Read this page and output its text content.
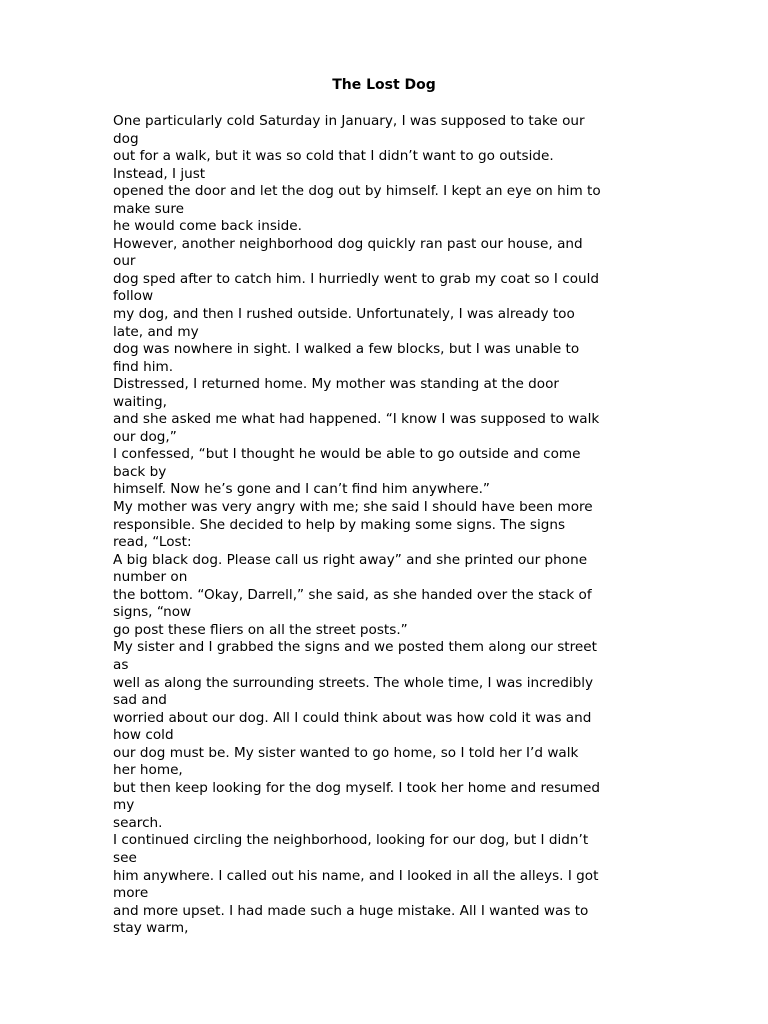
The Lost Dog
One particularly cold Saturday in January, I was supposed to take our
dog
out for a walk, but it was so cold that I didn’t want to go outside.
Instead, I just
opened the door and let the dog out by himself. I kept an eye on him to
make sure
he would come back inside.
However, another neighborhood dog quickly ran past our house, and
our
dog sped after to catch him. I hurriedly went to grab my coat so I could
follow
my dog, and then I rushed outside. Unfortunately, I was already too
late, and my
dog was nowhere in sight. I walked a few blocks, but I was unable to
find him.
Distressed, I returned home. My mother was standing at the door
waiting,
and she asked me what had happened. “I know I was supposed to walk
our dog,”
I confessed, “but I thought he would be able to go outside and come
back by
himself. Now he’s gone and I can’t find him anywhere.”
My mother was very angry with me; she said I should have been more
responsible. She decided to help by making some signs. The signs
read, “Lost:
A big black dog. Please call us right away” and she printed our phone
number on
the bottom. “Okay, Darrell,” she said, as she handed over the stack of
signs, “now
go post these fliers on all the street posts.”
My sister and I grabbed the signs and we posted them along our street
as
well as along the surrounding streets. The whole time, I was incredibly
sad and
worried about our dog. All I could think about was how cold it was and
how cold
our dog must be. My sister wanted to go home, so I told her I’d walk
her home,
but then keep looking for the dog myself. I took her home and resumed
my
search.
I continued circling the neighborhood, looking for our dog, but I didn’t
see
him anywhere. I called out his name, and I looked in all the alleys. I got
more
and more upset. I had made such a huge mistake. All I wanted was to
stay warm,
